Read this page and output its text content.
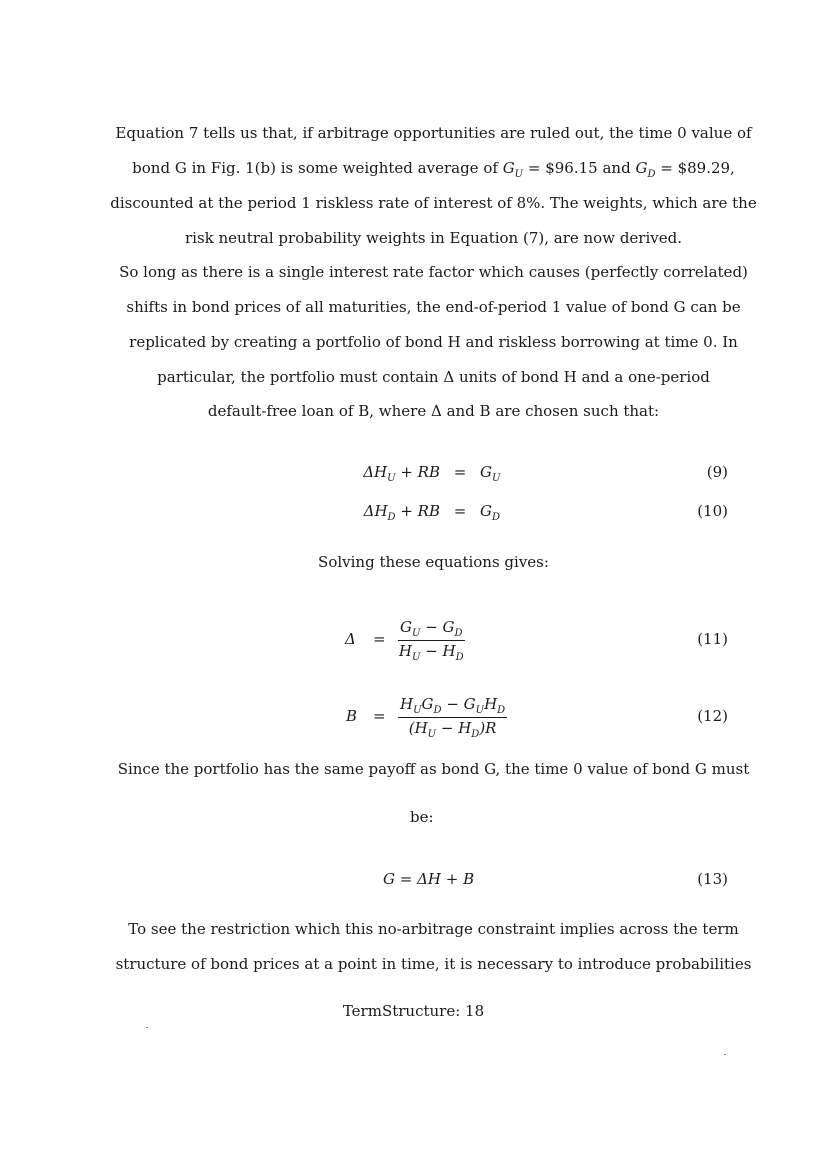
Equation 7 tells us that, if arbitrage opportunities are ruled out, the time 0 value of
bond G in Fig. 1(b) is some weighted average of $G_U$ = $96.15 and $G_D$ = $89.29,
discounted at the period 1 riskless rate of interest of 8%. The weights, which are the
risk neutral probability weights in Equation (7), are now derived.
So long as there is a single interest rate factor which causes (perfectly correlated)
shifts in bond prices of all maturities, the end-of-period 1 value of bond G can be
replicated by creating a portfolio of bond H and riskless borrowing at time 0. In
particular, the portfolio must contain Δ units of bond H and a one-period
default-free loan of B, where Δ and B are chosen such that:
$\Delta H_U$ + RB = $G_U$	(9)
$\Delta H_D$ + RB = $G_D$	(10)
Solving these equations gives:
$\Delta = \frac{G_U - G_D}{H_U - H_D}$	(11)
B =
$H_UG_D - G_UH_D$
$(H_U - H_D)R$
(12)
Since the portfolio has the same payoff as bond G, the time 0 value of bond G must
be:
G = ΔH + B	(13)
To see the restriction which this no-arbitrage constraint implies across the term
structure of bond prices at a point in time, it is necessary to introduce probabilities
TermStructure: 18
